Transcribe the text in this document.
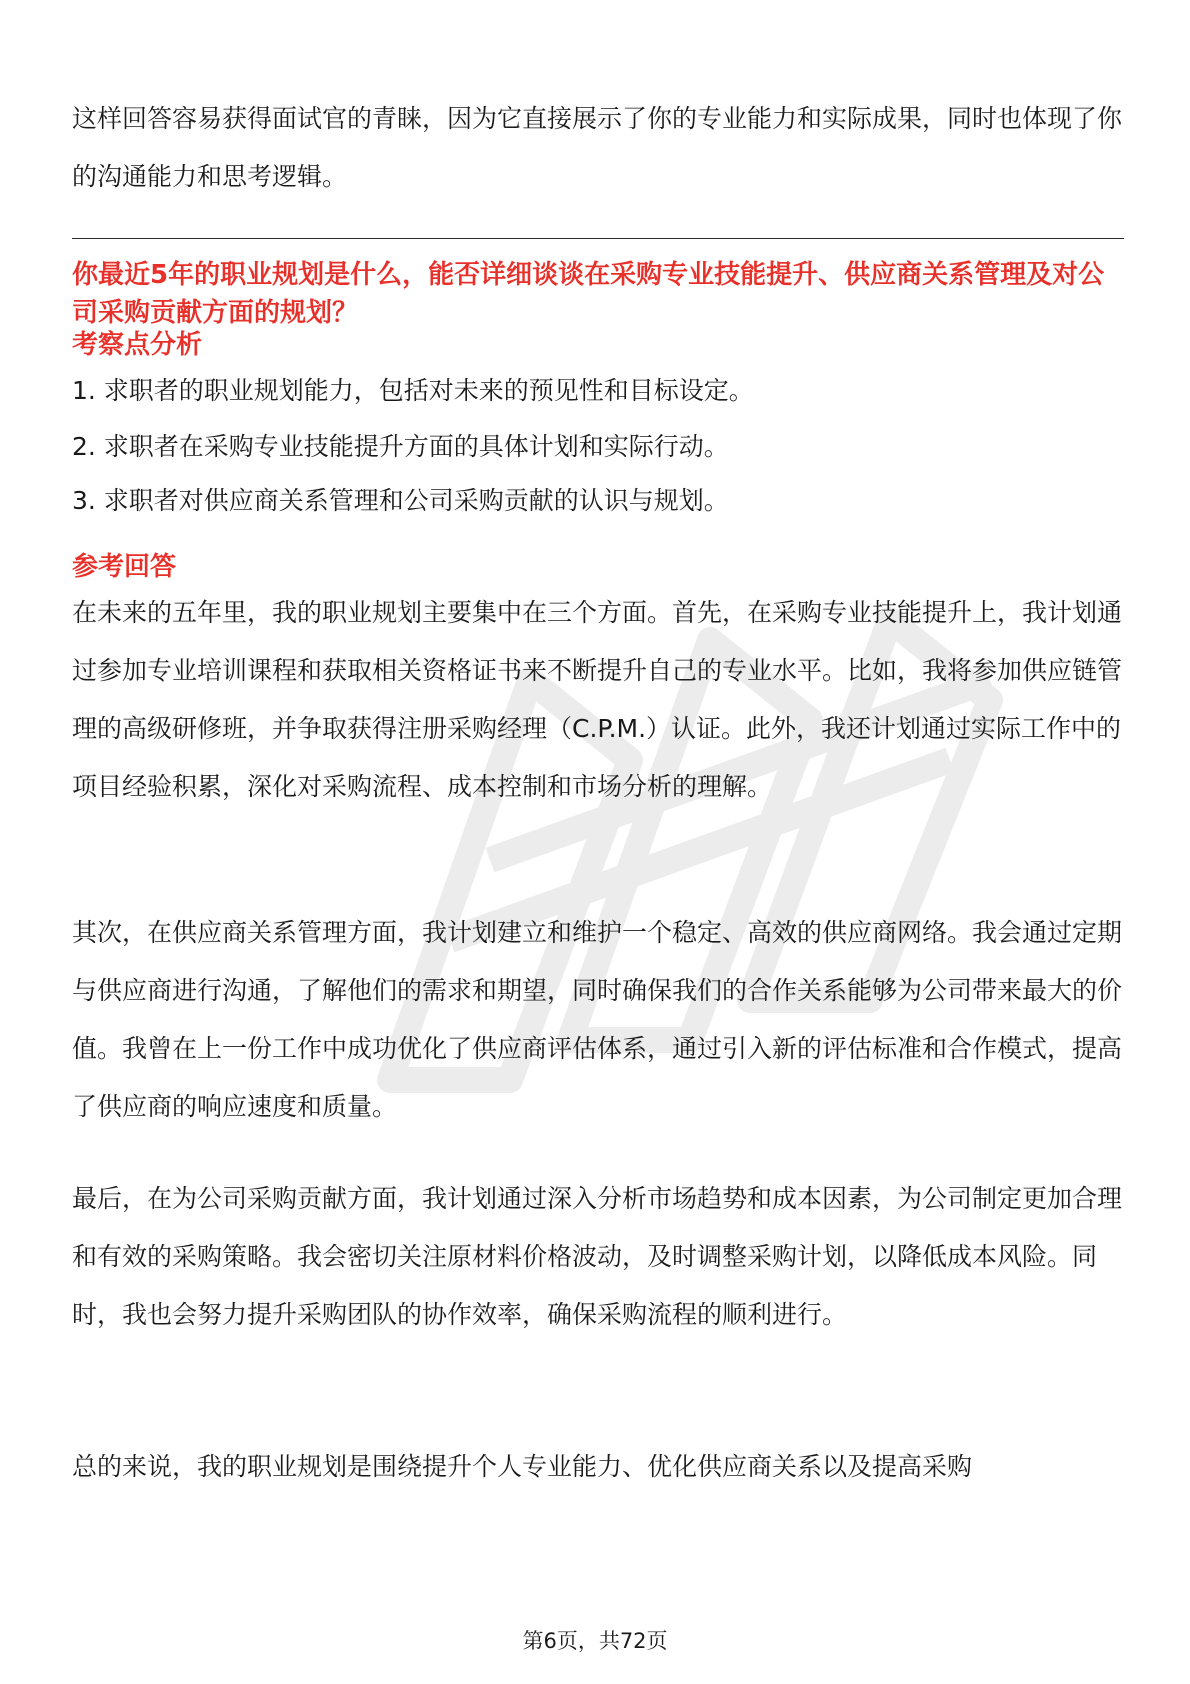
这样回答容易获得面试官的青睐，因为它直接展示了你的专业能力和实际成果，同时也体现了你的沟通能力和思考逻辑。

你最近5年的职业规划是什么，能否详细谈谈在采购专业技能提升、供应商关系管理及对公司采购贡献方面的规划？

考察点分析

1. 求职者的职业规划能力，包括对未来的预见性和目标设定。

2. 求职者在采购专业技能提升方面的具体计划和实际行动。

3. 求职者对供应商关系管理和公司采购贡献的认识与规划。

参考回答

在未来的五年里，我的职业规划主要集中在三个方面。首先，在采购专业技能提升上，我计划通过参加专业培训课程和获取相关资格证书来不断提升自己的专业水平。比如，我将参加供应链管理的高级研修班，并争取获得注册采购经理（C.P.M.）认证。此外，我还计划通过实际工作中的项目经验积累，深化对采购流程、成本控制和市场分析的理解。

其次，在供应商关系管理方面，我计划建立和维护一个稳定、高效的供应商网络。我会通过定期与供应商进行沟通，了解他们的需求和期望，同时确保我们的合作关系能够为公司带来最大的价值。我曾在上一份工作中成功优化了供应商评估体系，通过引入新的评估标准和合作模式，提高了供应商的响应速度和质量。

最后，在为公司采购贡献方面，我计划通过深入分析市场趋势和成本因素，为公司制定更加合理和有效的采购策略。我会密切关注原材料价格波动，及时调整采购计划，以降低成本风险。同时，我也会努力提升采购团队的协作效率，确保采购流程的顺利进行。

总的来说，我的职业规划是围绕提升个人专业能力、优化供应商关系以及提高采购

第6页，共72页
